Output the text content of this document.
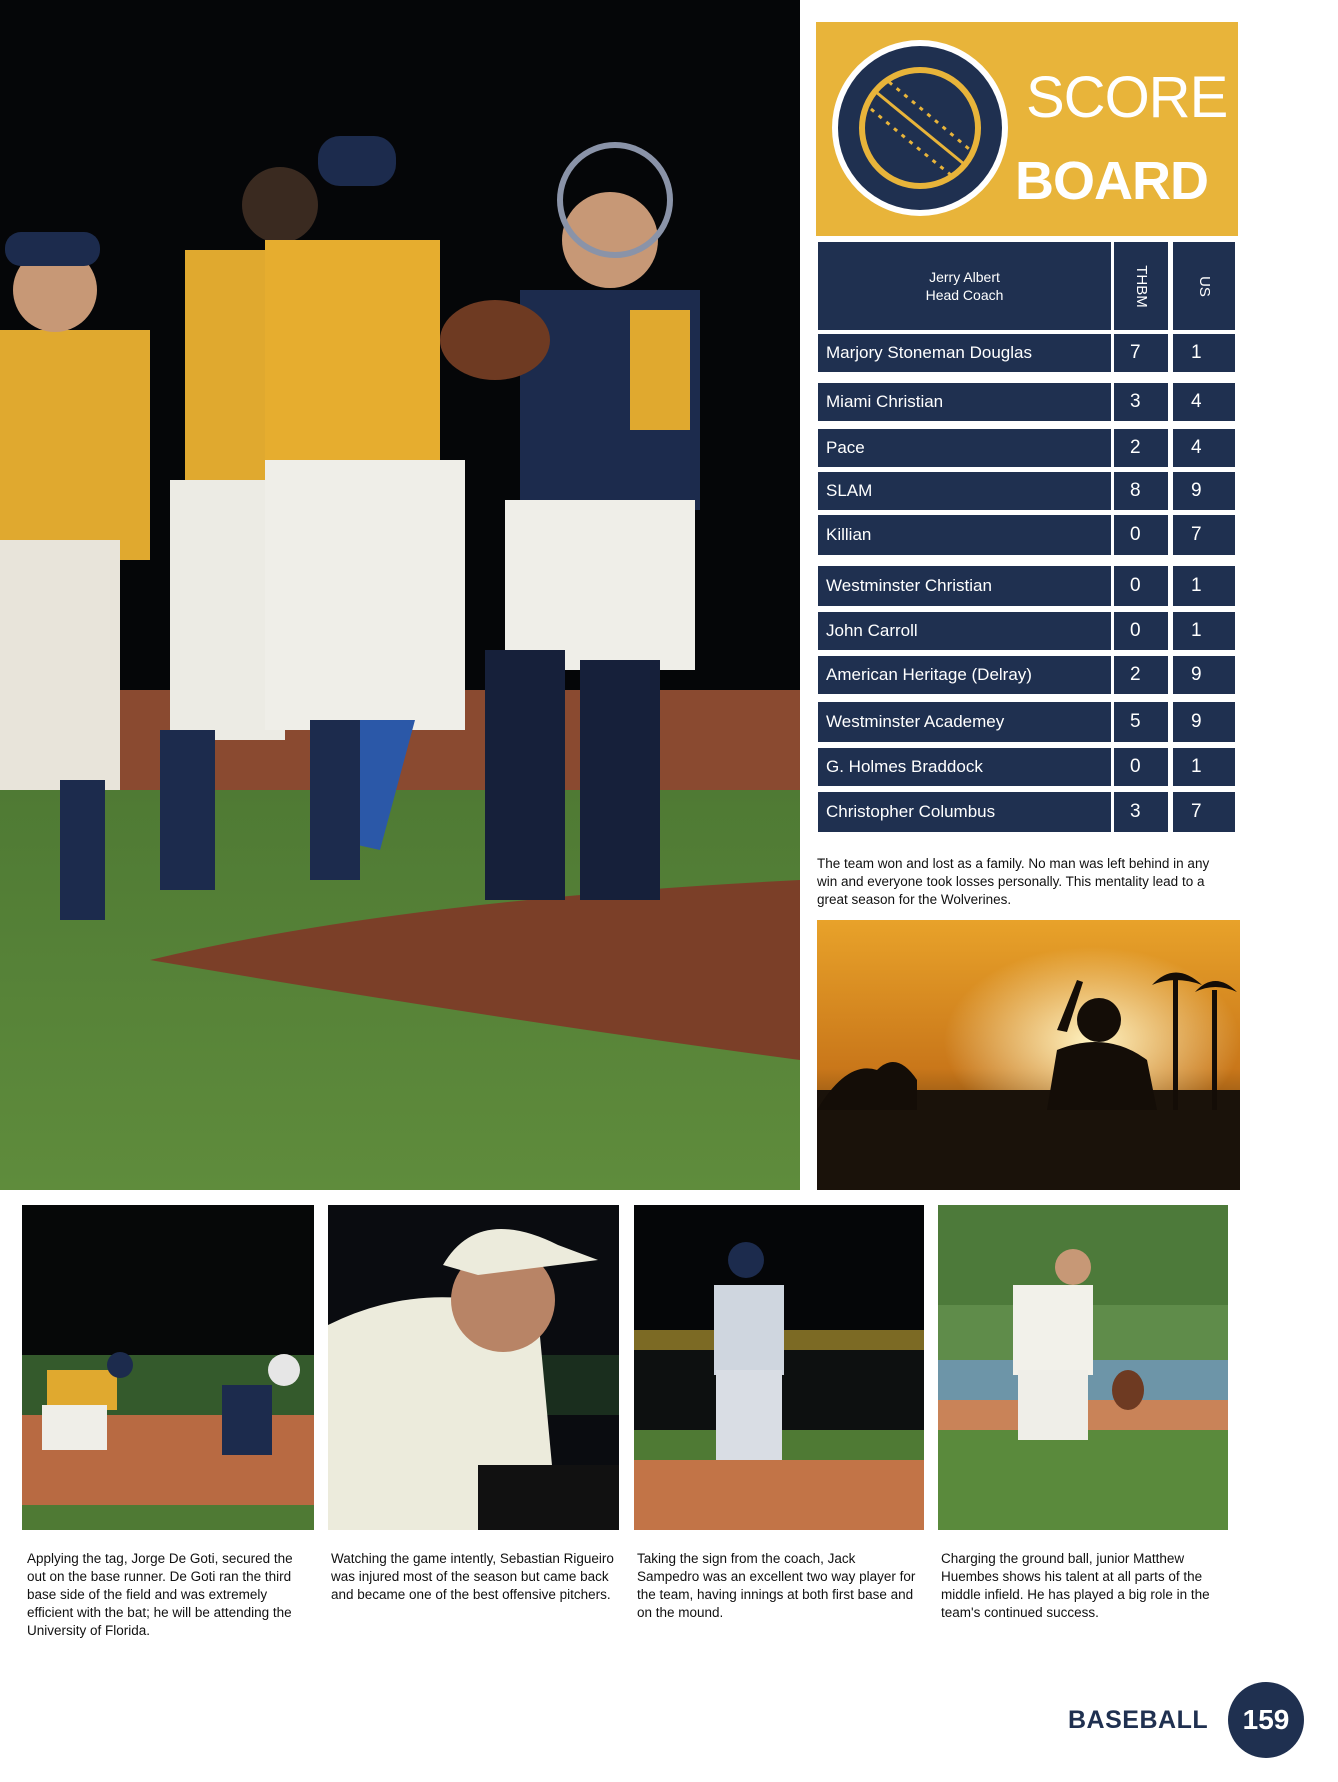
SCORE
BOARD
Jerry Albert
Head Coach	THBM	US
Marjory Stoneman Douglas	7	1
Miami Christian	3	4
Pace	2	4
SLAM	8	9
Killian	0	7
Westminster Christian	0	1
John Carroll	0	1
American Heritage (Delray)	2	9
Westminster Academey	5	9
G. Holmes Braddock	0	1
Christopher Columbus	3	7

The team won and lost as a family. No man was left behind in any win and everyone took losses personally. This mentality lead to a great season for the Wolverines.

Applying the tag, Jorge De Goti, secured the out on the base runner. De Goti ran the third base side of the field and was extremely efficient with the bat; he will be attending the University of Florida.

Watching the game intently, Sebastian Rigueiro was injured most of the season but came back and became one of the best offensive pitchers.

Taking the sign from the coach, Jack Sampedro was an excellent two way player for the team, having innings at both first base and on the mound.

Charging the ground ball, junior Matthew Huembes shows his talent at all parts of the middle infield. He has played a big role in the team's continued success.

BASEBALL	159
